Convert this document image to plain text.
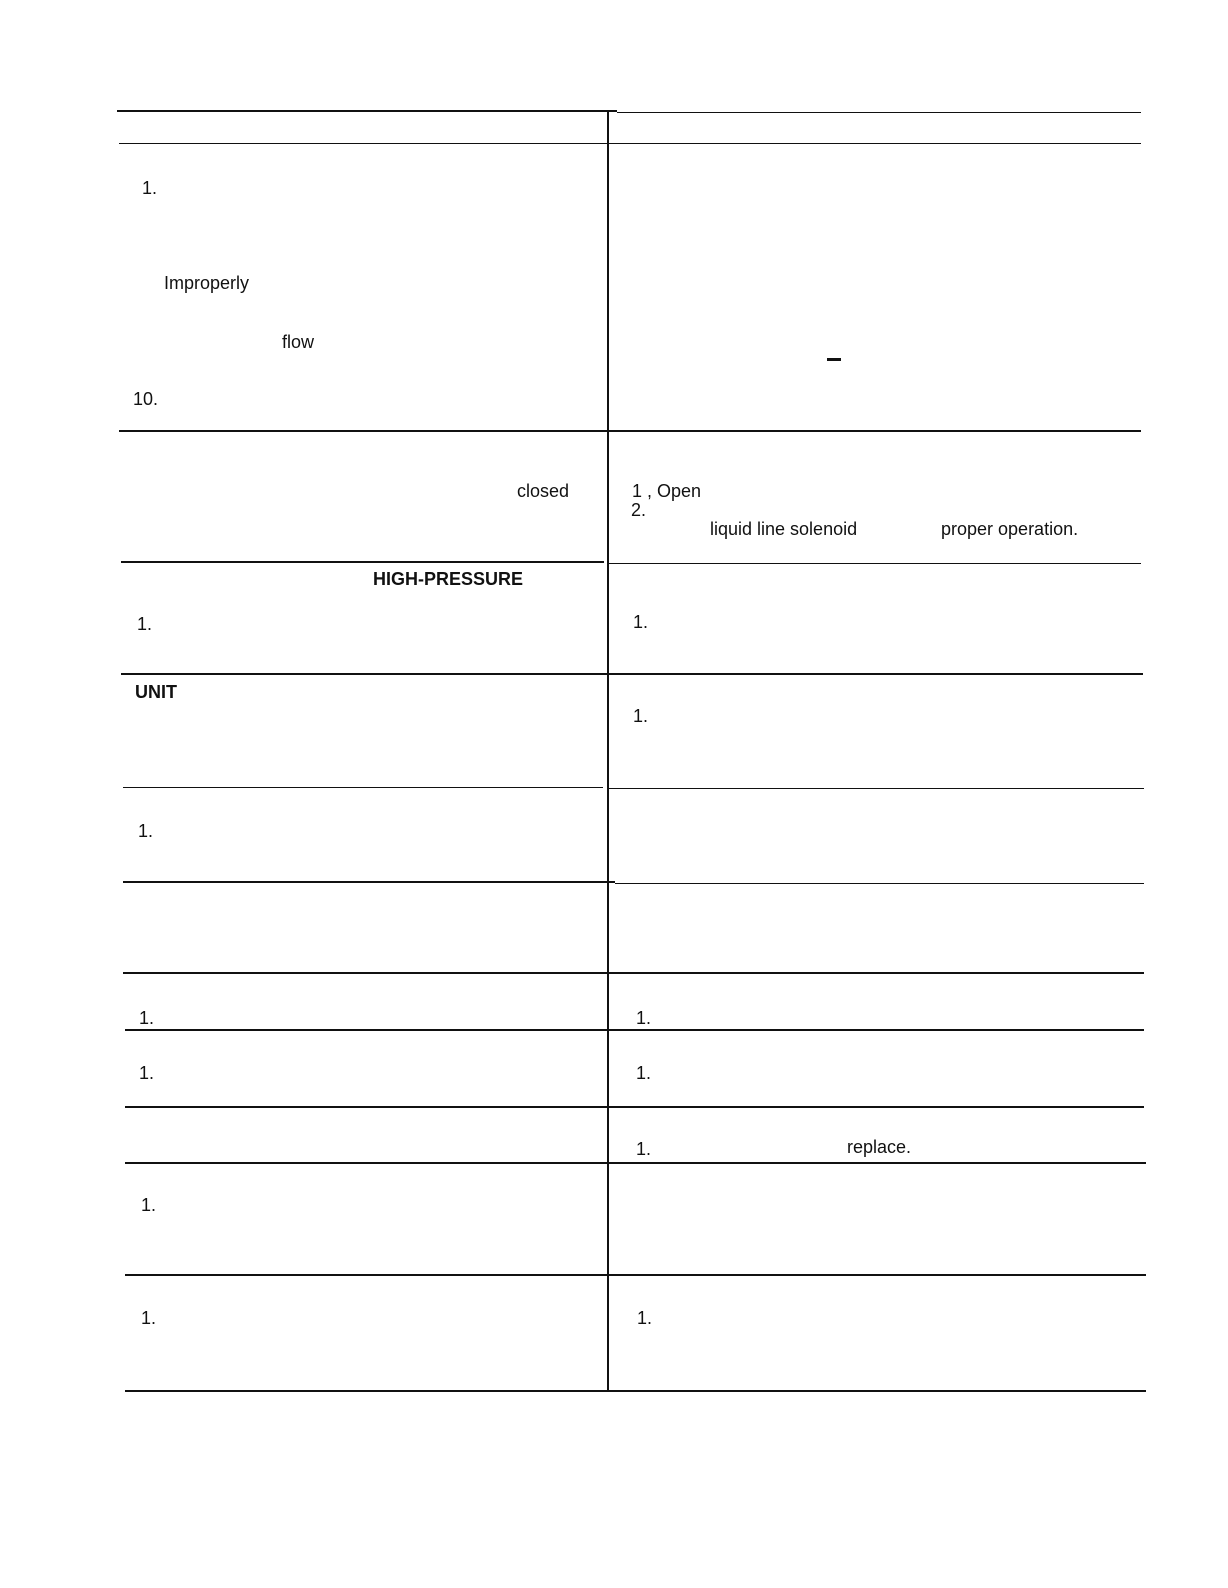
1.
Improperly
flow
10.
closed
HIGH-PRESSURE
1.
UNIT
1.
1.
1.
1.
1.
1 , Open
2.
liquid line solenoid	proper operation.
1.
1.
1.
1.
1.	replace.
1.
